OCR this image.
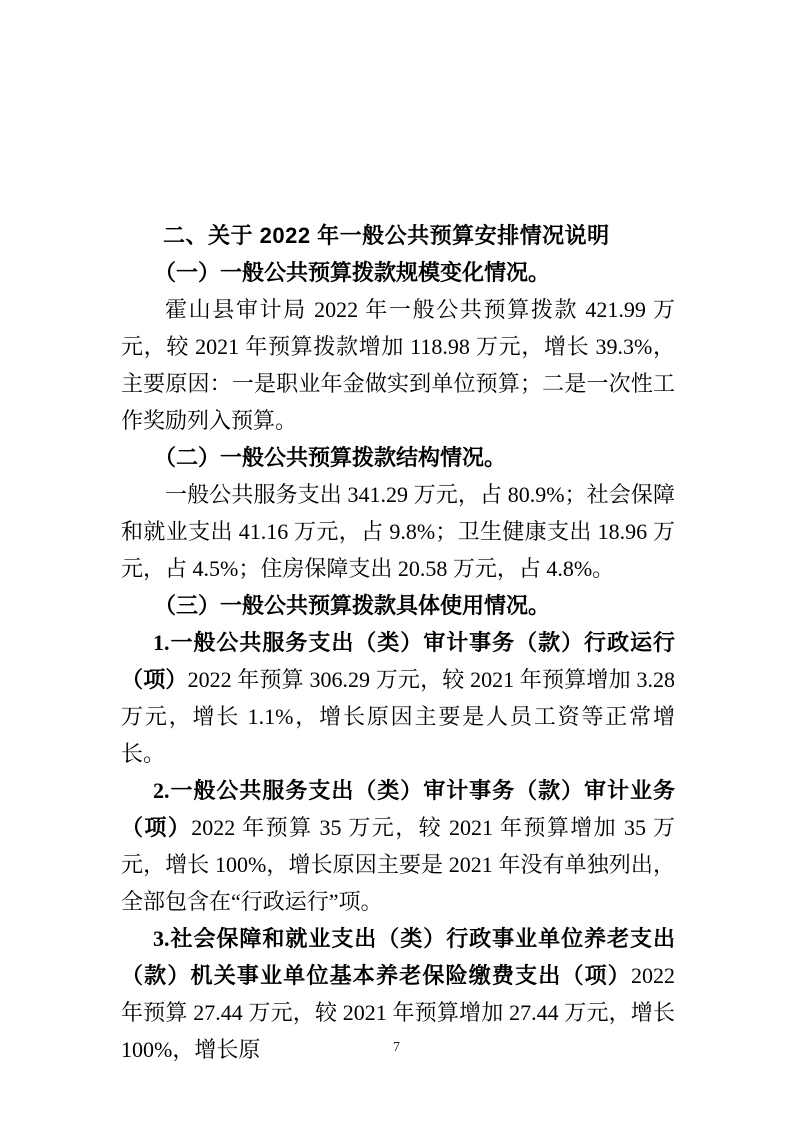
二、关于 2022 年一般公共预算安排情况说明

（一）一般公共预算拨款规模变化情况。

霍山县审计局 2022 年一般公共预算拨款 421.99 万元，较 2021 年预算拨款增加 118.98 万元，增长 39.3%，主要原因：一是职业年金做实到单位预算；二是一次性工作奖励列入预算。

（二）一般公共预算拨款结构情况。

一般公共服务支出 341.29 万元，占 80.9%；社会保障和就业支出 41.16 万元，占 9.8%；卫生健康支出 18.96 万元，占 4.5%；住房保障支出 20.58 万元，占 4.8%。

（三）一般公共预算拨款具体使用情况。

1.一般公共服务支出（类）审计事务（款）行政运行（项）2022 年预算 306.29 万元，较 2021 年预算增加 3.28 万元，增长 1.1%，增长原因主要是人员工资等正常增长。

2.一般公共服务支出（类）审计事务（款）审计业务（项）2022 年预算 35 万元，较 2021 年预算增加 35 万元，增长 100%，增长原因主要是 2021 年没有单独列出，全部包含在“行政运行”项。

3.社会保障和就业支出（类）行政事业单位养老支出（款）机关事业单位基本养老保险缴费支出（项）2022 年预算 27.44 万元，较 2021 年预算增加 27.44 万元，增长 100%，增长原	7
